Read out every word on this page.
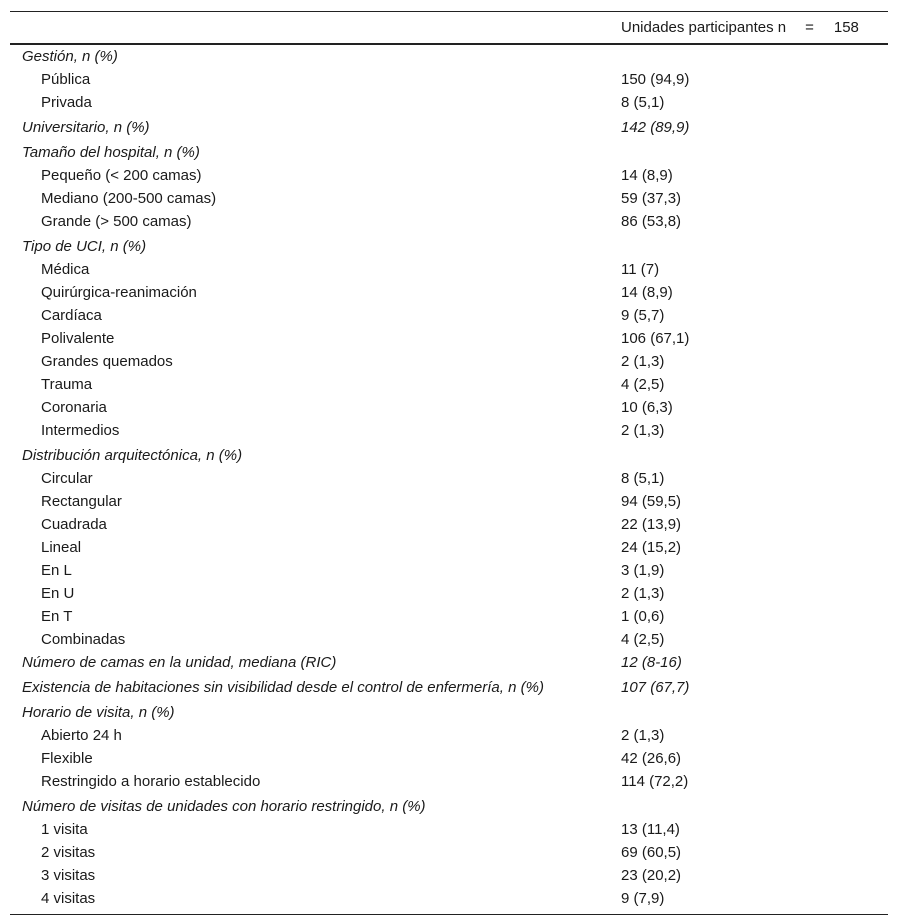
Unidades participantes n = 158
Gestión, n (%)
Pública	150 (94,9)
Privada	8 (5,1)
Universitario, n (%)	142 (89,9)
Tamaño del hospital, n (%)
Pequeño (< 200 camas)	14 (8,9)
Mediano (200-500 camas)	59 (37,3)
Grande (> 500 camas)	86 (53,8)
Tipo de UCI, n (%)
Médica	11 (7)
Quirúrgica-reanimación	14 (8,9)
Cardíaca	9 (5,7)
Polivalente	106 (67,1)
Grandes quemados	2 (1,3)
Trauma	4 (2,5)
Coronaria	10 (6,3)
Intermedios	2 (1,3)
Distribución arquitectónica, n (%)
Circular	8 (5,1)
Rectangular	94 (59,5)
Cuadrada	22 (13,9)
Lineal	24 (15,2)
En L	3 (1,9)
En U	2 (1,3)
En T	1 (0,6)
Combinadas	4 (2,5)
Número de camas en la unidad, mediana (RIC)	12 (8-16)
Existencia de habitaciones sin visibilidad desde el control de enfermería, n (%)	107 (67,7)
Horario de visita, n (%)
Abierto 24 h	2 (1,3)
Flexible	42 (26,6)
Restringido a horario establecido	114 (72,2)
Número de visitas de unidades con horario restringido, n (%)
1 visita	13 (11,4)
2 visitas	69 (60,5)
3 visitas	23 (20,2)
4 visitas	9 (7,9)
